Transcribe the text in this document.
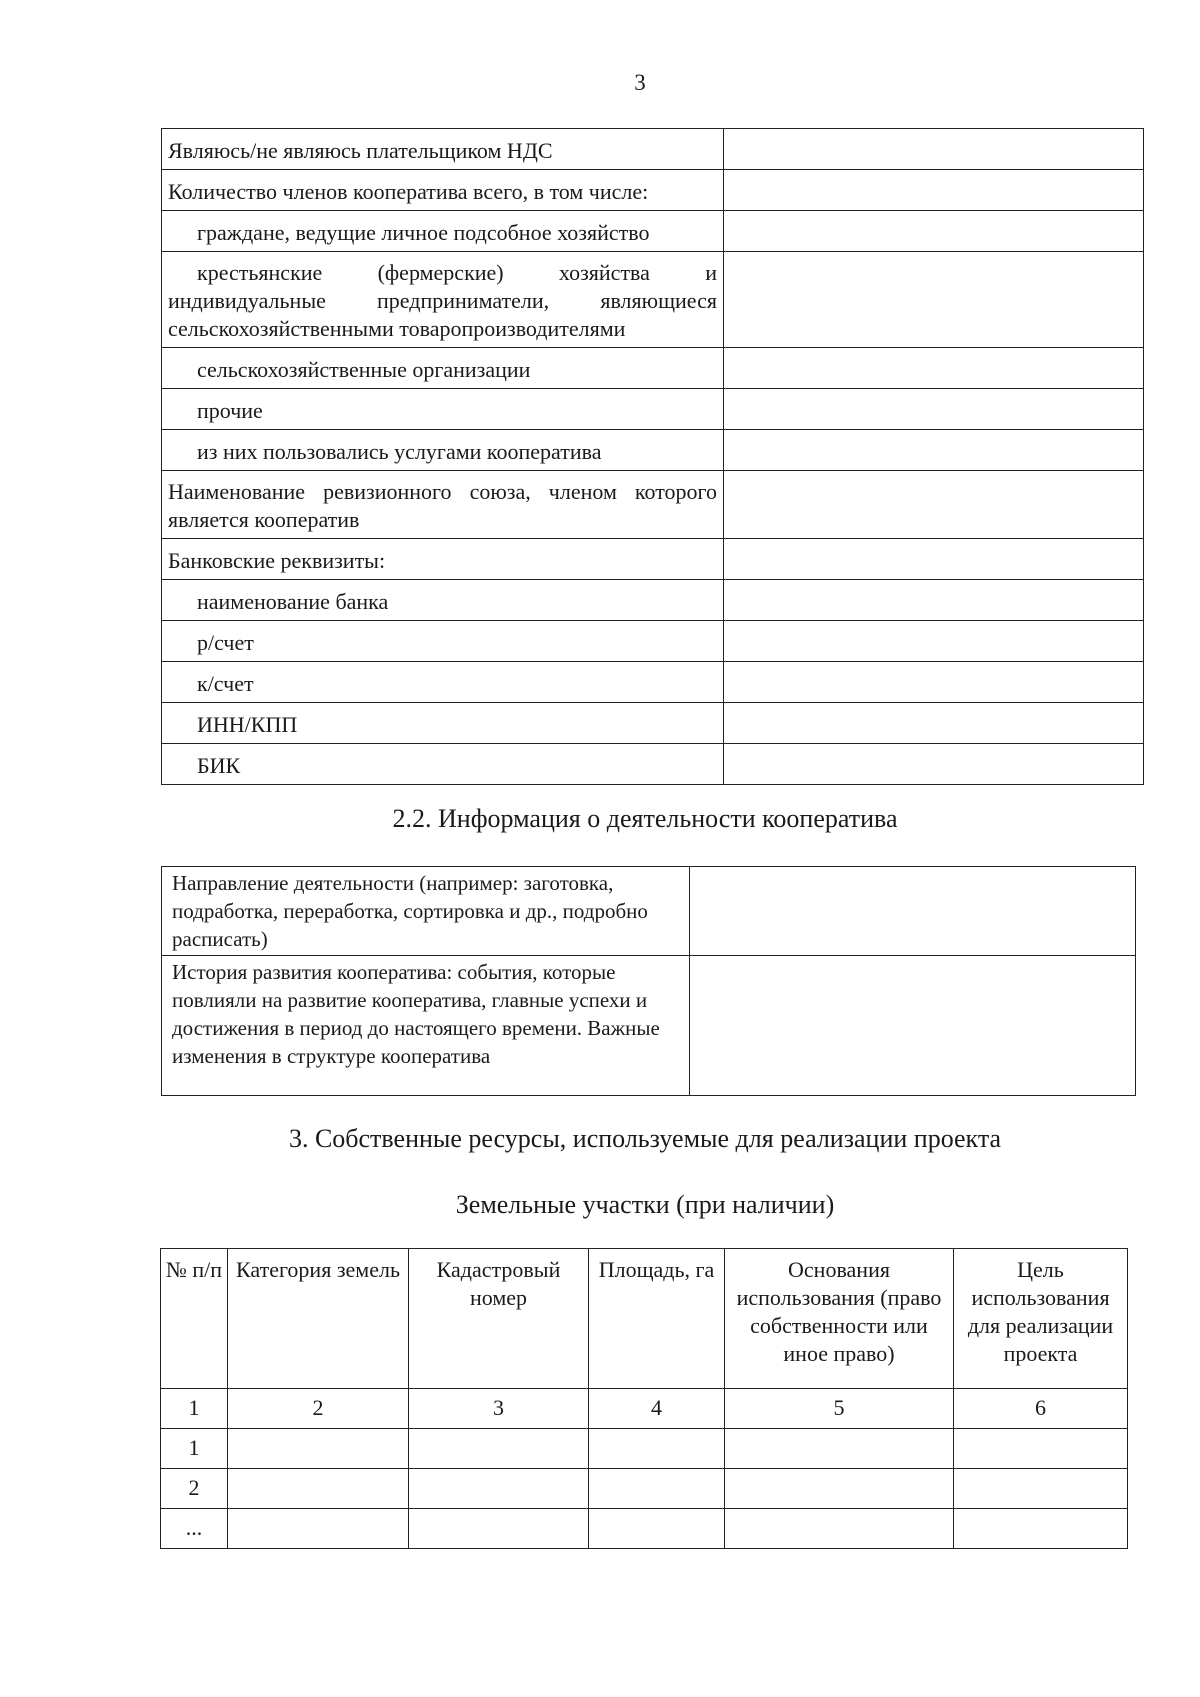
3
Являюсь/не являюсь плательщиком НДС	
Количество членов кооператива всего, в том числе:	
граждане, ведущие личное подсобное хозяйство	
крестьянские (фермерские) хозяйства и индивидуальные предприниматели, являющиеся сельскохозяйственными товаропроизводителями	
сельскохозяйственные организации	
прочие	
из них пользовались услугами кооператива	
Наименование ревизионного союза, членом которого является кооператив	
Банковские реквизиты:	
наименование банка	
р/счет	
к/счет	
ИНН/КПП	
БИК	
2.2. Информация о деятельности кооператива
Направление деятельности (например: заготовка, подработка, переработка, сортировка и др., подробно расписать)	
История развития кооператива: события, которые повлияли на развитие кооператива, главные успехи и достижения в период до настоящего времени. Важные изменения в структуре кооператива	
3. Собственные ресурсы, используемые для реализации проекта
Земельные участки (при наличии)
№ п/п	Категория земель	Кадастровый номер	Площадь, га	Основания использования (право собственности или иное право)	Цель использования для реализации проекта
1	2	3	4	5	6
1					
2					
...					
